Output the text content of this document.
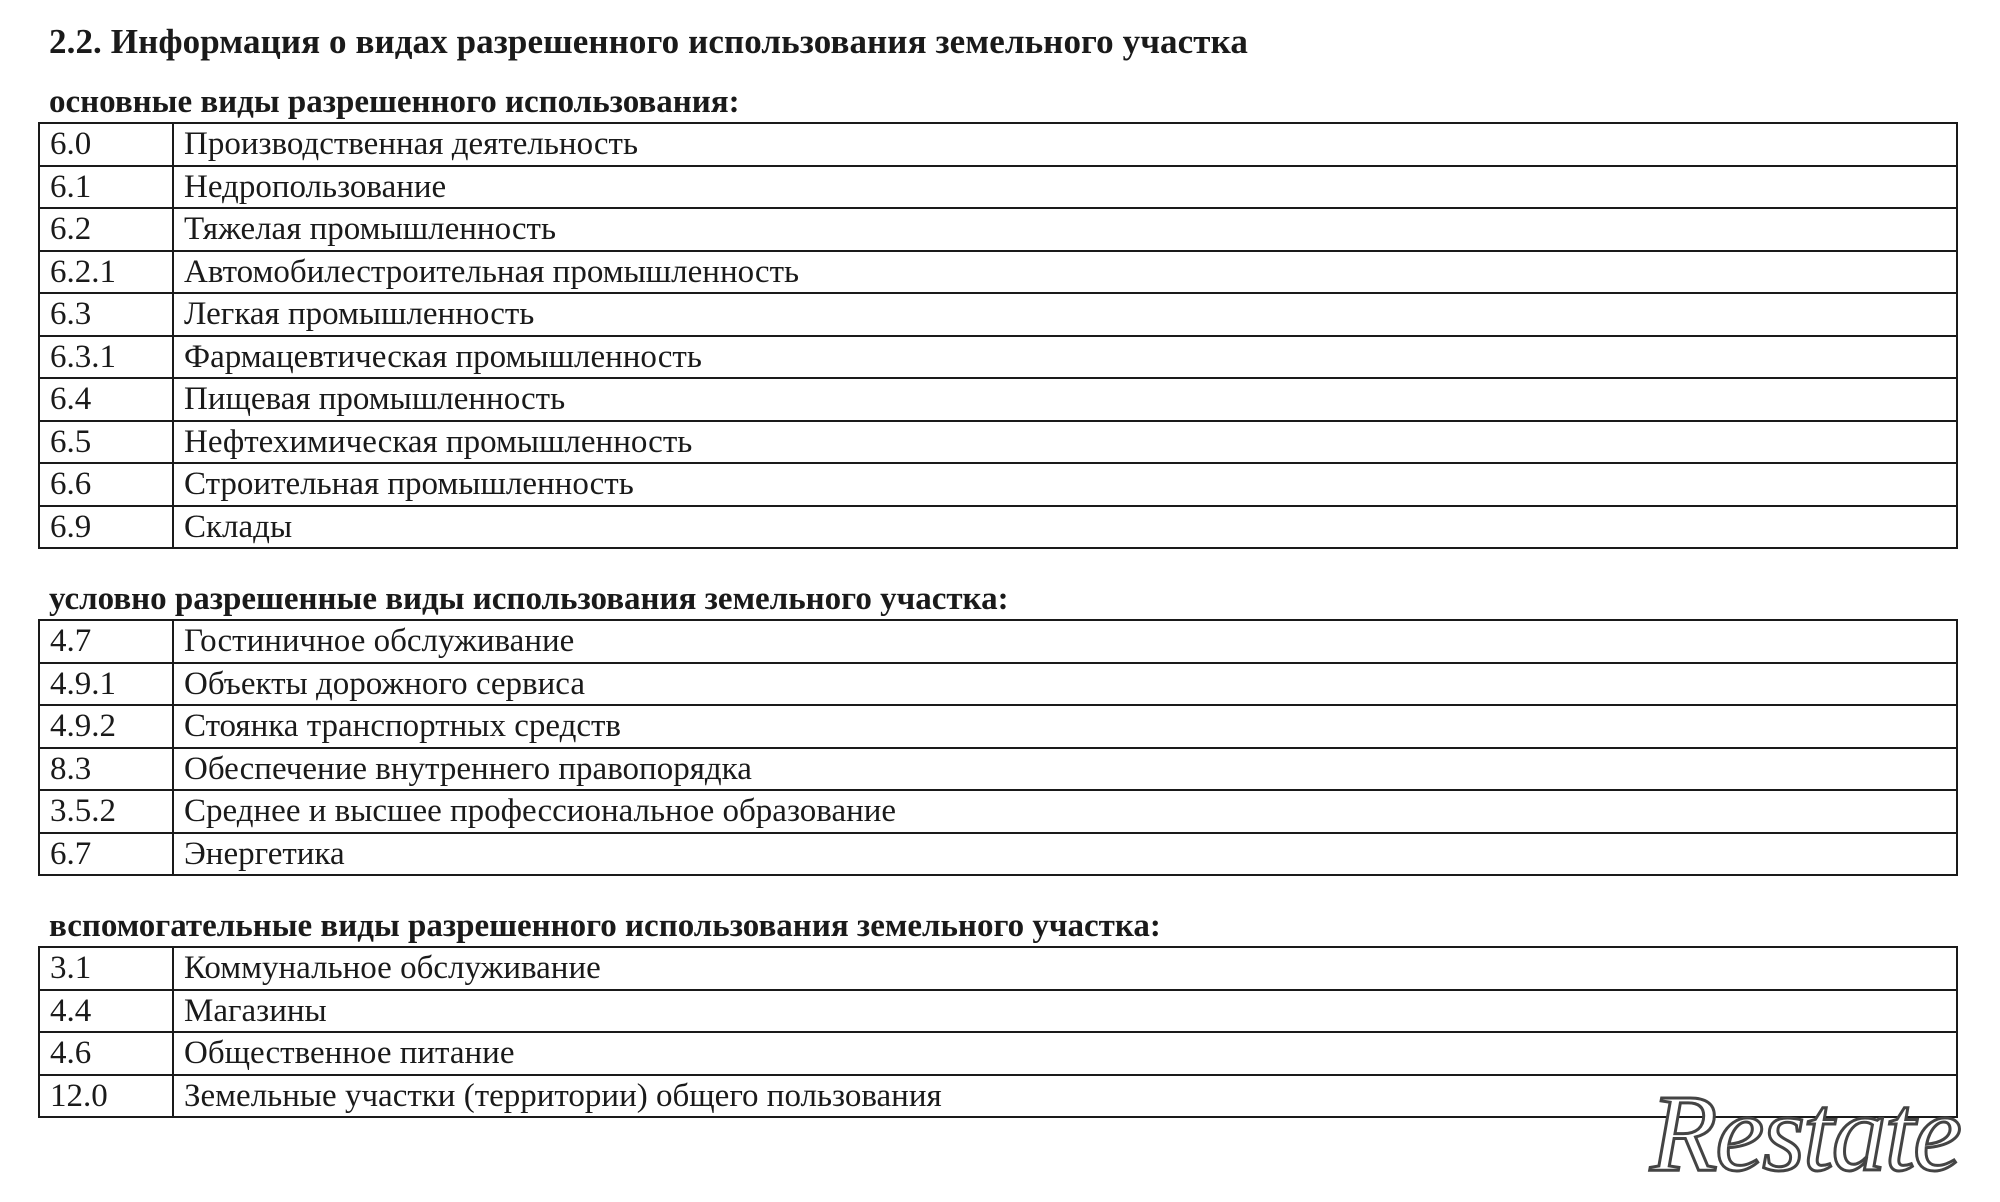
2.2. Информация о видах разрешенного использования земельного участка
основные виды разрешенного использования:
6.0	Производственная деятельность
6.1	Недропользование
6.2	Тяжелая промышленность
6.2.1	Автомобилестроительная промышленность
6.3	Легкая промышленность
6.3.1	Фармацевтическая промышленность
6.4	Пищевая промышленность
6.5	Нефтехимическая промышленность
6.6	Строительная промышленность
6.9	Склады
условно разрешенные виды использования земельного участка:
4.7	Гостиничное обслуживание
4.9.1	Объекты дорожного сервиса
4.9.2	Стоянка транспортных средств
8.3	Обеспечение внутреннего правопорядка
3.5.2	Среднее и высшее профессиональное образование
6.7	Энергетика
вспомогательные виды разрешенного использования земельного участка:
3.1	Коммунальное обслуживание
4.4	Магазины
4.6	Общественное питание
12.0	Земельные участки (территории) общего пользования	Restate
